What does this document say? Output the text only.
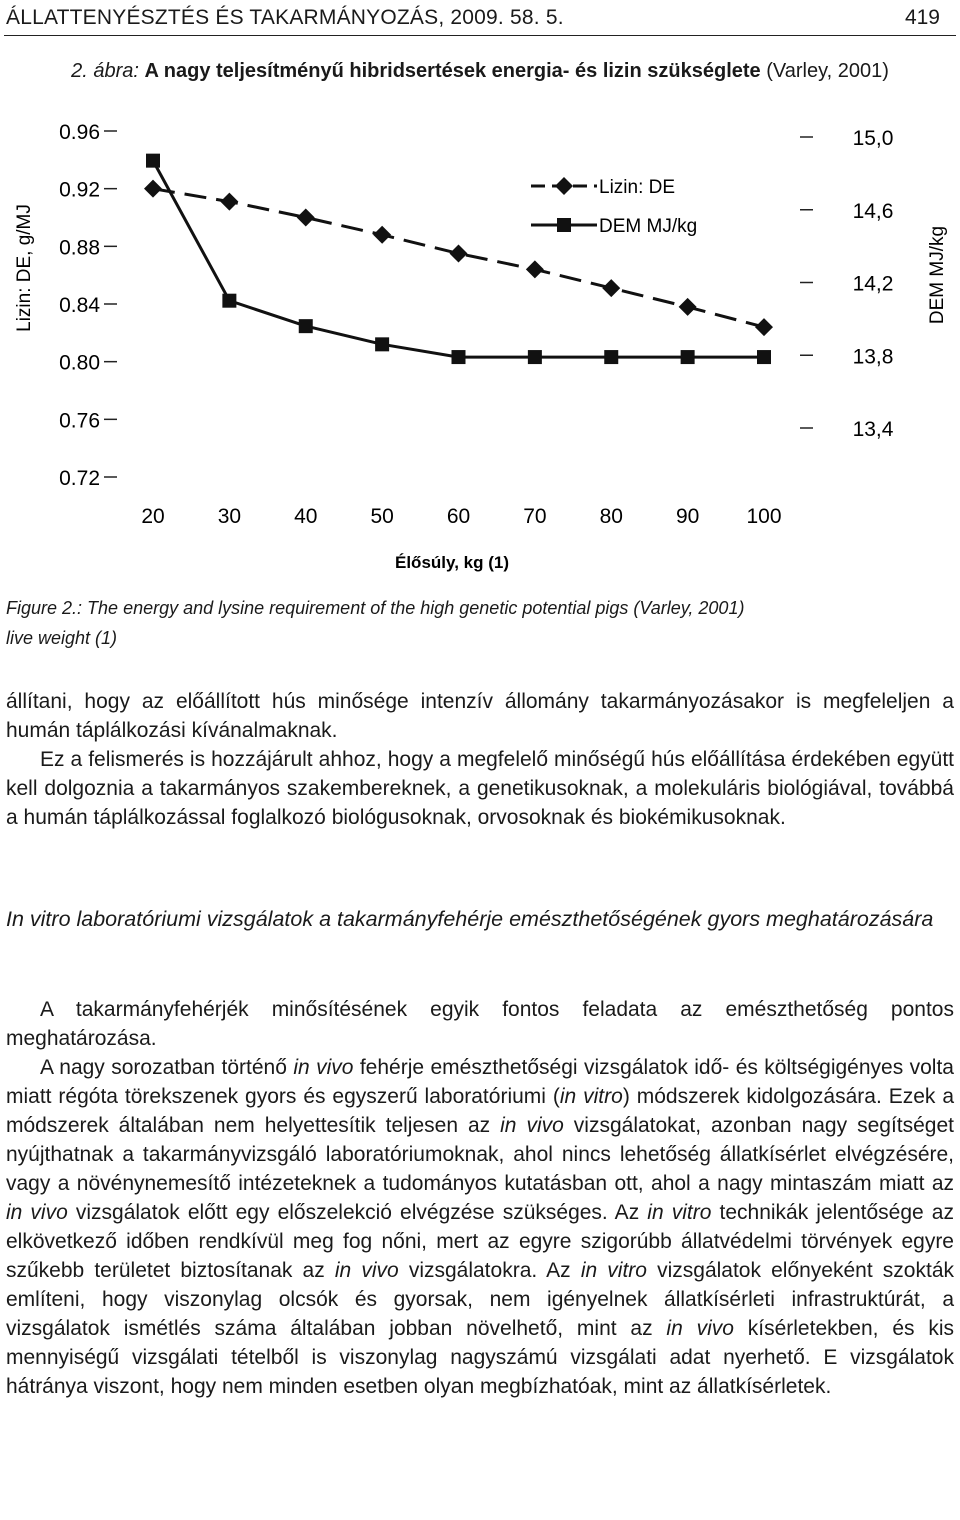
ÁLLATTENYÉSZTÉS ÉS TAKARMÁNYOZÁS, 2009. 58. 5.	419
2. ábra: A nagy teljesítményű hibridsertések energia- és lizin szükséglete (Varley, 2001)
0.96
0.92
0.88
0.84
0.80
0.76
0.72
15,0
14,6
14,2
13,8
13,4
20	30	40	50	60	70	80	90 100
Lizin: DE
DEM MJ/kg
Lizin: DE, g/MJ	DEM MJ/kg
Élősúly, kg (1)
Figure 2.: The energy and lysine requirement of the high genetic potential pigs (Varley, 2001)
live weight (1)

állítani, hogy az előállított hús minősége intenzív állomány takarmányozásakor is megfeleljen a humán táplálkozási kívánalmaknak.

Ez a felismerés is hozzájárult ahhoz, hogy a megfelelő minőségű hús előállítása érdekében együtt kell dolgoznia a takarmányos szakembereknek, a genetikusoknak, a molekuláris biológiával, továbbá a humán táplálkozással foglalkozó biológusoknak, orvosoknak és biokémikusoknak.

In vitro laboratóriumi vizsgálatok a takarmányfehérje emészthetőségének gyors meghatározására

A takarmányfehérjék minősítésének egyik fontos feladata az emészthetőség pontos meghatározása.

A nagy sorozatban történő in vivo fehérje emészthetőségi vizsgálatok idő- és költségigényes volta miatt régóta törekszenek gyors és egyszerű laboratóriumi (in vitro) módszerek kidolgozására. Ezek a módszerek általában nem helyettesítik teljesen az in vivo vizsgálatokat, azonban nagy segítséget nyújthatnak a takarmányvizsgáló laboratóriumoknak, ahol nincs lehetőség állatkísérlet elvégzésére, vagy a növénynemesítő intézeteknek a tudományos kutatásban ott, ahol a nagy mintaszám miatt az in vivo vizsgálatok előtt egy előszelekció elvégzése szükséges. Az in vitro technikák jelentősége az elkövetkező időben rendkívül meg fog nőni, mert az egyre szigorúbb állatvédelmi törvények egyre szűkebb területet biztosítanak az in vivo vizsgálatokra. Az in vitro vizsgálatok előnyeként szokták említeni, hogy viszonylag olcsók és gyorsak, nem igényelnek állatkísérleti infrastruktúrát, a vizsgálatok ismétlés száma általában jobban növelhető, mint az in vivo kísérletekben, és kis mennyiségű vizsgálati tételből is viszonylag nagyszámú vizsgálati adat nyerhető. E vizsgálatok hátránya viszont, hogy nem minden esetben olyan megbízhatóak, mint az állatkísérletek.
